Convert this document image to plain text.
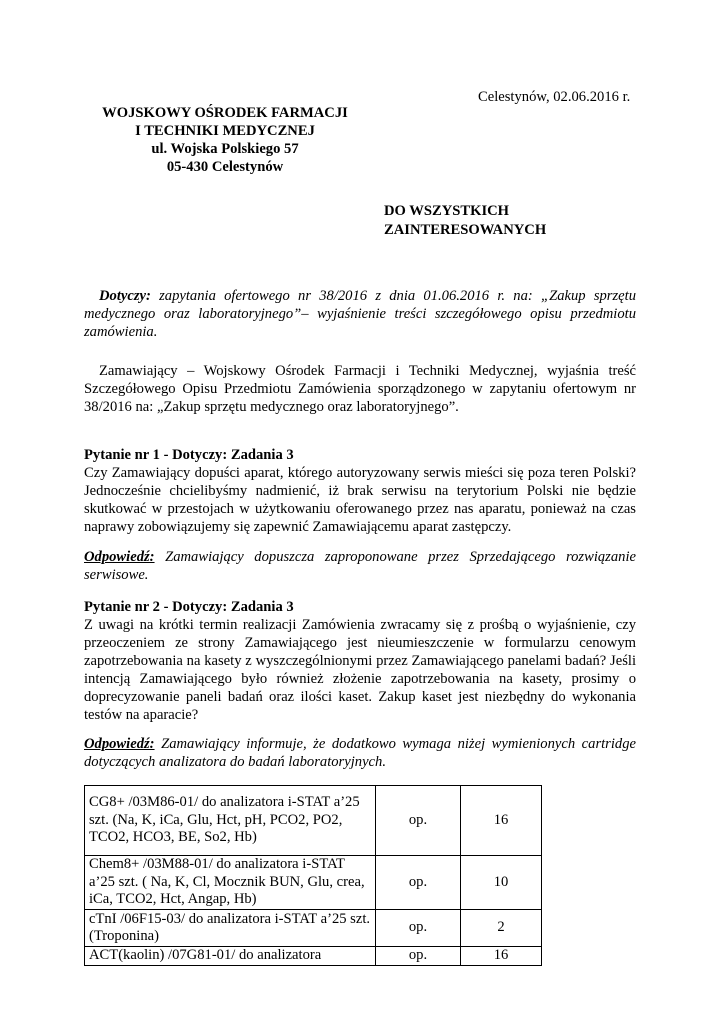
Celestynów, 02.06.2016 r.
WOJSKOWY OŚRODEK FARMACJI
I TECHNIKI MEDYCZNEJ
ul. Wojska Polskiego 57
05-430 Celestynów
DO WSZYSTKICH
ZAINTERESOWANYCH
Dotyczy: zapytania ofertowego nr 38/2016 z dnia 01.06.2016 r. na: „Zakup sprzętu medycznego oraz laboratoryjnego”– wyjaśnienie treści szczegółowego opisu przedmiotu zamówienia.
Zamawiający – Wojskowy Ośrodek Farmacji i Techniki Medycznej, wyjaśnia treść Szczegółowego Opisu Przedmiotu Zamówienia sporządzonego w zapytaniu ofertowym nr 38/2016 na: „Zakup sprzętu medycznego oraz laboratoryjnego”.
Pytanie nr 1 - Dotyczy: Zadania 3
Czy Zamawiający dopuści aparat, którego autoryzowany serwis mieści się poza teren Polski? Jednocześnie chcielibyśmy nadmienić, iż brak serwisu na terytorium Polski nie będzie skutkować w przestojach w użytkowaniu oferowanego przez nas aparatu, ponieważ na czas naprawy zobowiązujemy się zapewnić Zamawiającemu aparat zastępczy.
Odpowiedź: Zamawiający dopuszcza zaproponowane przez Sprzedającego rozwiązanie serwisowe.
Pytanie nr 2 - Dotyczy: Zadania 3
Z uwagi na krótki termin realizacji Zamówienia zwracamy się z prośbą o wyjaśnienie, czy przeoczeniem ze strony Zamawiającego jest nieumieszczenie w formularzu cenowym zapotrzebowania na kasety z wyszczególnionymi przez Zamawiającego panelami badań? Jeśli intencją Zamawiającego było również złożenie zapotrzebowania na kasety, prosimy o doprecyzowanie paneli badań oraz ilości kaset. Zakup kaset jest niezbędny do wykonania testów na aparacie?
Odpowiedź: Zamawiający informuje, że dodatkowo wymaga niżej wymienionych cartridge dotyczących analizatora do badań laboratoryjnych.
CG8+ /03M86-01/ do analizatora i-STAT a’25 szt. (Na, K, iCa, Glu, Hct, pH, PCO2, PO2, TCO2, HCO3, BE, So2, Hb)	op.	16
Chem8+ /03M88-01/ do analizatora i-STAT a’25 szt. ( Na, K, Cl, Mocznik BUN, Glu, crea, iCa, TCO2, Hct, Angap, Hb)	op.	10
cTnI /06F15-03/ do analizatora i-STAT a’25 szt. (Troponina)	op.	2
ACT(kaolin) /07G81-01/ do analizatora	op.	16
